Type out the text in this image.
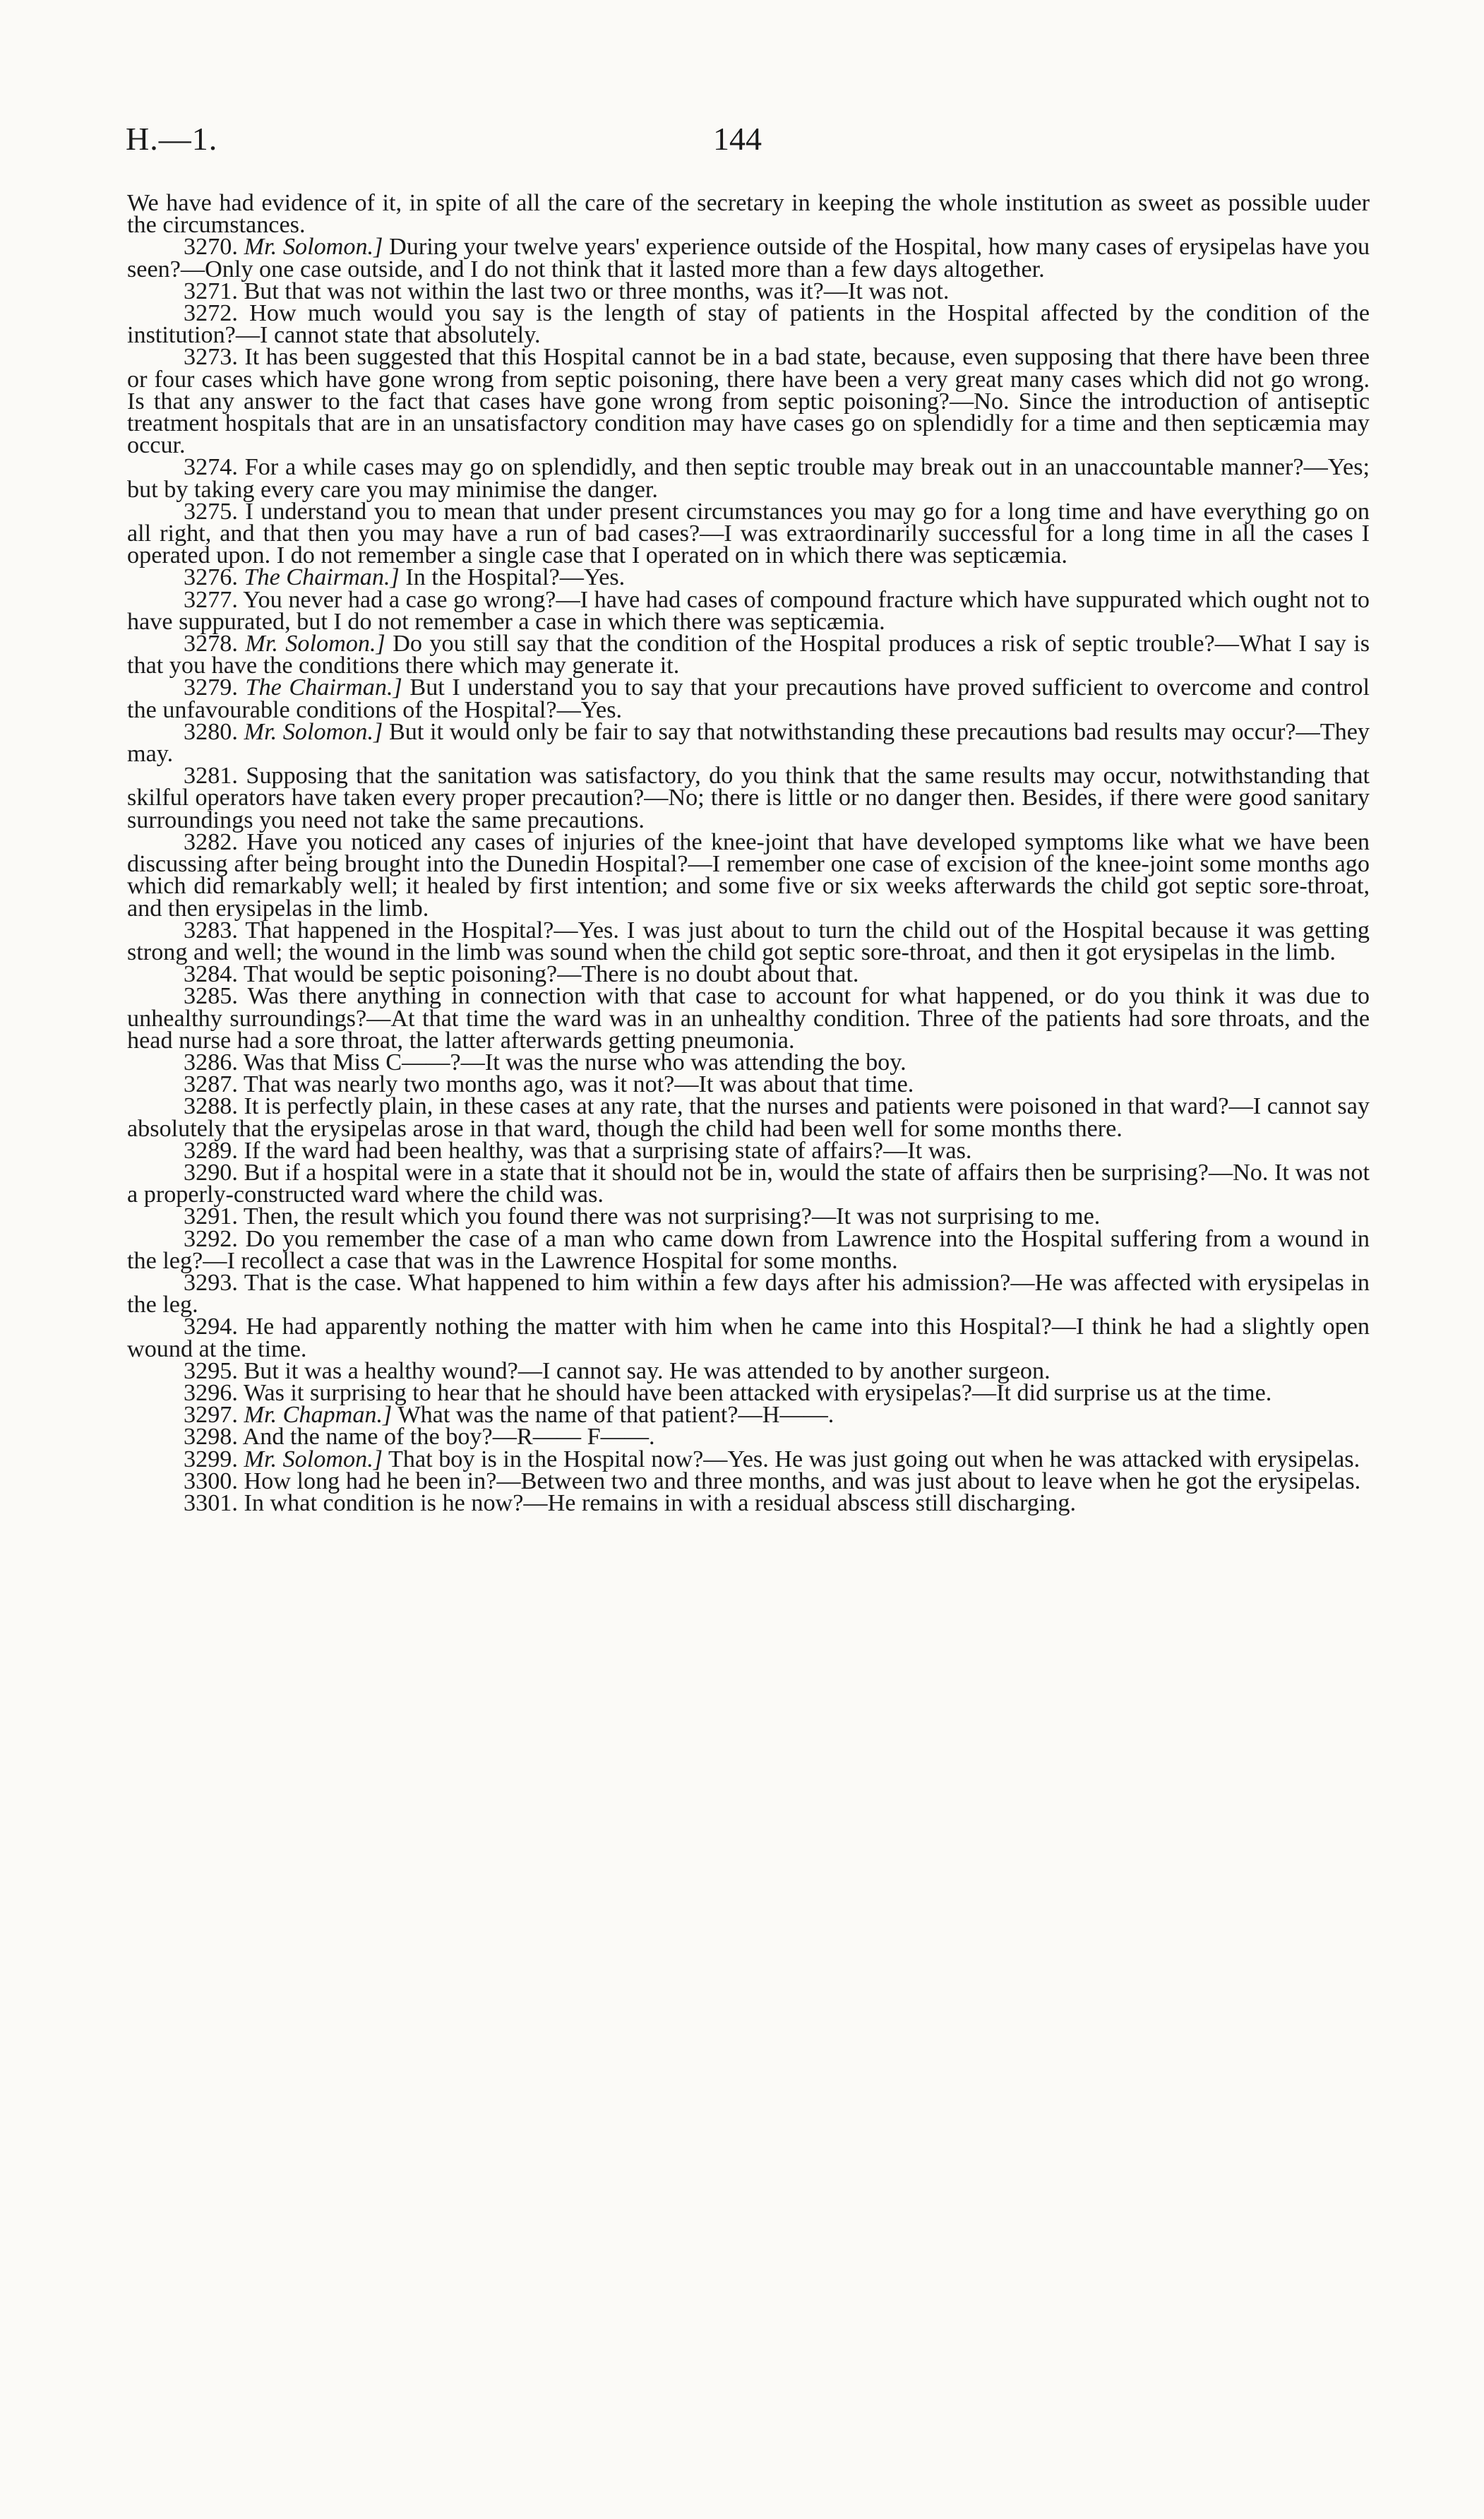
H.—1.	144

We have had evidence of it, in spite of all the care of the secretary in keeping the whole institution as sweet as possible uuder the circumstances.

3270. Mr. Solomon.] During your twelve years' experience outside of the Hospital, how many cases of erysipelas have you seen?—Only one case outside, and I do not think that it lasted more than a few days altogether.

3271. But that was not within the last two or three months, was it?—It was not.

3272. How much would you say is the length of stay of patients in the Hospital affected by the condition of the institution?—I cannot state that absolutely.

3273. It has been suggested that this Hospital cannot be in a bad state, because, even supposing that there have been three or four cases which have gone wrong from septic poisoning, there have been a very great many cases which did not go wrong. Is that any answer to the fact that cases have gone wrong from septic poisoning?—No. Since the introduction of antiseptic treatment hospitals that are in an unsatisfactory condition may have cases go on splendidly for a time and then septicæmia may occur.

3274. For a while cases may go on splendidly, and then septic trouble may break out in an unaccountable manner?—Yes; but by taking every care you may minimise the danger.

3275. I understand you to mean that under present circumstances you may go for a long time and have everything go on all right, and that then you may have a run of bad cases?—I was extraordinarily successful for a long time in all the cases I operated upon. I do not remember a single case that I operated on in which there was septicæmia.

3276. The Chairman.] In the Hospital?—Yes.

3277. You never had a case go wrong?—I have had cases of compound fracture which have suppurated which ought not to have suppurated, but I do not remember a case in which there was septicæmia.

3278. Mr. Solomon.] Do you still say that the condition of the Hospital produces a risk of septic trouble?—What I say is that you have the conditions there which may generate it.

3279. The Chairman.] But I understand you to say that your precautions have proved sufficient to overcome and control the unfavourable conditions of the Hospital?—Yes.

3280. Mr. Solomon.] But it would only be fair to say that notwithstanding these precautions bad results may occur?—They may.

3281. Supposing that the sanitation was satisfactory, do you think that the same results may occur, notwithstanding that skilful operators have taken every proper precaution?—No; there is little or no danger then. Besides, if there were good sanitary surroundings you need not take the same precautions.

3282. Have you noticed any cases of injuries of the knee-joint that have developed symptoms like what we have been discussing after being brought into the Dunedin Hospital?—I remember one case of excision of the knee-joint some months ago which did remarkably well; it healed by first intention; and some five or six weeks afterwards the child got septic sore-throat, and then erysipelas in the limb.

3283. That happened in the Hospital?—Yes. I was just about to turn the child out of the Hospital because it was getting strong and well; the wound in the limb was sound when the child got septic sore-throat, and then it got erysipelas in the limb.

3284. That would be septic poisoning?—There is no doubt about that.

3285. Was there anything in connection with that case to account for what happened, or do you think it was due to unhealthy surroundings?—At that time the ward was in an unhealthy condition. Three of the patients had sore throats, and the head nurse had a sore throat, the latter afterwards getting pneumonia.

3286. Was that Miss C——?—It was the nurse who was attending the boy.

3287. That was nearly two months ago, was it not?—It was about that time.

3288. It is perfectly plain, in these cases at any rate, that the nurses and patients were poisoned in that ward?—I cannot say absolutely that the erysipelas arose in that ward, though the child had been well for some months there.

3289. If the ward had been healthy, was that a surprising state of affairs?—It was.

3290. But if a hospital were in a state that it should not be in, would the state of affairs then be surprising?—No. It was not a properly-constructed ward where the child was.

3291. Then, the result which you found there was not surprising?—It was not surprising to me.

3292. Do you remember the case of a man who came down from Lawrence into the Hospital suffering from a wound in the leg?—I recollect a case that was in the Lawrence Hospital for some months.

3293. That is the case. What happened to him within a few days after his admission?—He was affected with erysipelas in the leg.

3294. He had apparently nothing the matter with him when he came into this Hospital?—I think he had a slightly open wound at the time.

3295. But it was a healthy wound?—I cannot say. He was attended to by another surgeon.

3296. Was it surprising to hear that he should have been attacked with erysipelas?—It did surprise us at the time.

3297. Mr. Chapman.] What was the name of that patient?—H——.

3298. And the name of the boy?—R—— F——.

3299. Mr. Solomon.] That boy is in the Hospital now?—Yes. He was just going out when he was attacked with erysipelas.

3300. How long had he been in?—Between two and three months, and was just about to leave when he got the erysipelas.

3301. In what condition is he now?—He remains in with a residual abscess still discharging.
